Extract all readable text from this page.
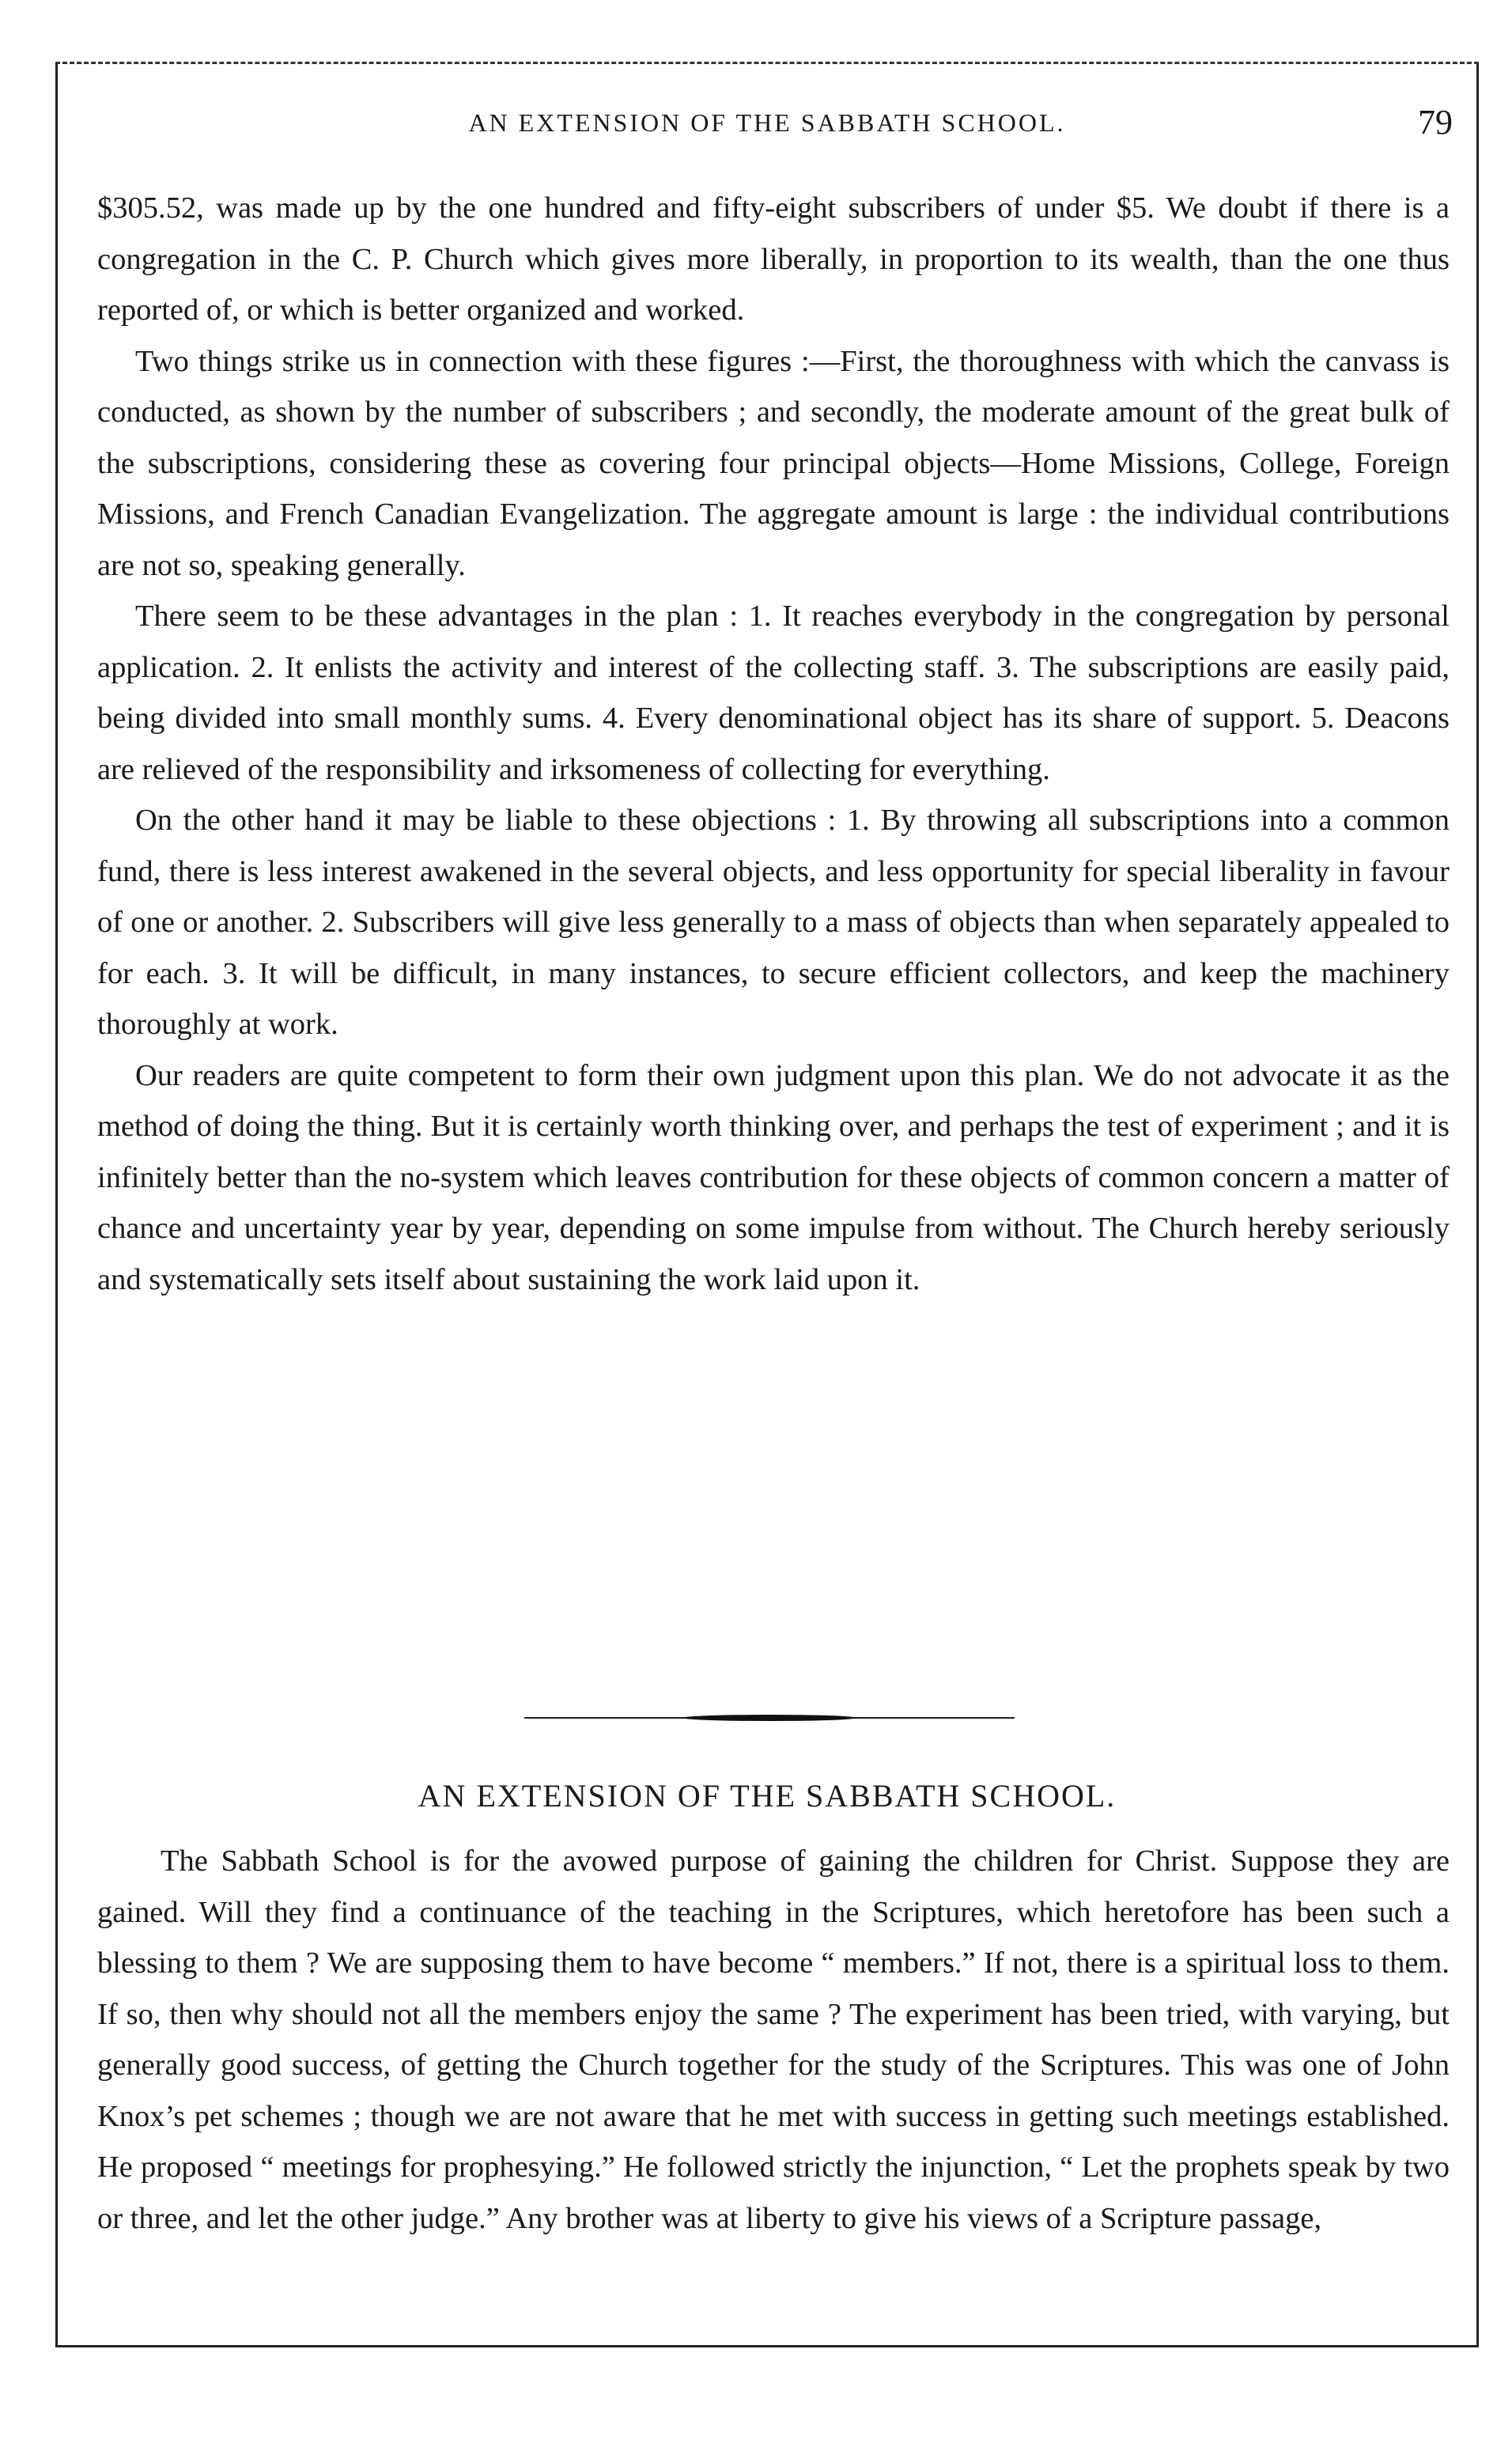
AN EXTENSION OF THE SABBATH SCHOOL.	79

$305.52, was made up by the one hundred and fifty-eight subscribers of under $5. We doubt if there is a congregation in the C. P. Church which gives more liberally, in proportion to its wealth, than the one thus reported of, or which is better organized and worked.

Two things strike us in connection with these figures :—First, the thoroughness with which the canvass is conducted, as shown by the number of subscribers ; and secondly, the moderate amount of the great bulk of the subscriptions, considering these as covering four principal objects—Home Missions, College, Foreign Missions, and French Canadian Evangelization. The aggregate amount is large : the individual contributions are not so, speaking generally.

There seem to be these advantages in the plan : 1. It reaches everybody in the congregation by personal application. 2. It enlists the activity and interest of the collecting staff. 3. The subscriptions are easily paid, being divided into small monthly sums. 4. Every denominational object has its share of support. 5. Deacons are relieved of the responsibility and irksomeness of collecting for everything.

On the other hand it may be liable to these objections : 1. By throwing all subscriptions into a common fund, there is less interest awakened in the several objects, and less opportunity for special liberality in favour of one or another. 2. Subscribers will give less generally to a mass of objects than when separately appealed to for each. 3. It will be difficult, in many instances, to secure efficient collectors, and keep the machinery thoroughly at work.

Our readers are quite competent to form their own judgment upon this plan. We do not advocate it as the method of doing the thing. But it is certainly worth thinking over, and perhaps the test of experiment ; and it is infinitely better than the no-system which leaves contribution for these objects of common concern a matter of chance and uncertainty year by year, depending on some impulse from without. The Church hereby seriously and systematically sets itself about sustaining the work laid upon it.

AN EXTENSION OF THE SABBATH SCHOOL.

The Sabbath School is for the avowed purpose of gaining the children for Christ. Suppose they are gained. Will they find a continuance of the teaching in the Scriptures, which heretofore has been such a blessing to them ? We are supposing them to have become “ members.” If not, there is a spiritual loss to them. If so, then why should not all the members enjoy the same ? The experiment has been tried, with varying, but generally good success, of getting the Church together for the study of the Scriptures. This was one of John Knox’s pet schemes ; though we are not aware that he met with success in getting such meetings established. He proposed “ meetings for prophesying.” He followed strictly the injunction, “ Let the prophets speak by two or three, and let the other judge.” Any brother was at liberty to give his views of a Scripture passage,
